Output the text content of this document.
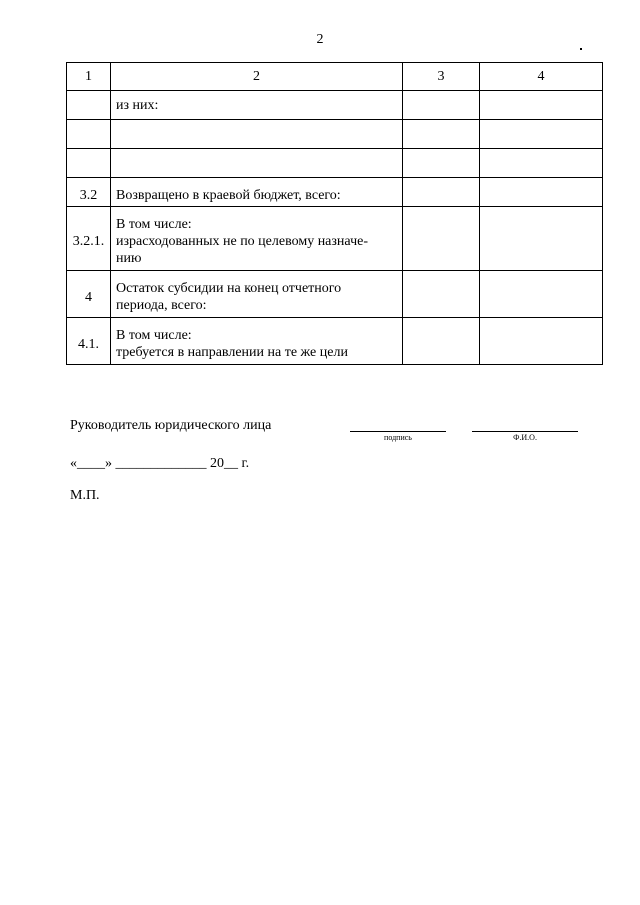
2
1	2	3	4
	из них:		

3.2	Возвращено в краевой бюджет, всего:		
3.2.1.	В том числе:
израсходованных не по целевому назначе-
нию		

4	Остаток субсидии на конец отчетного
периода, всего:		

4.1.	В том числе:
требуется в направлении на те же цели		

Руководитель юридического лица
подпись	Ф.И.О.
«____» _____________ 20__ г.
М.П.
